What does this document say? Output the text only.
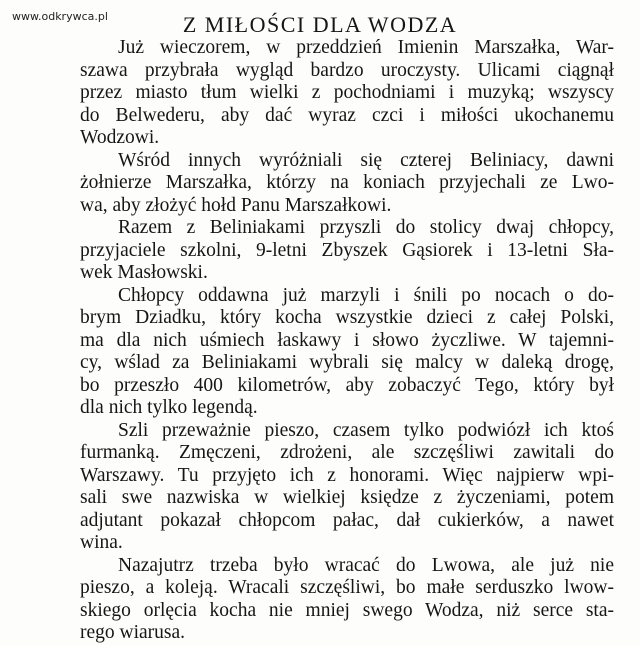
www.odkrywca.pl	Z MIŁOŚCI DLA WODZA
Już wieczorem, w przeddzień Imienin Marszałka, War-
szawa przybrała wygląd bardzo uroczysty. Ulicami ciągnął
przez miasto tłum wielki z pochodniami i muzyką; wszyscy
do Belwederu, aby dać wyraz czci i miłości ukochanemu
Wodzowi.
Wśród innych wyróżniali się czterej Beliniacy, dawni
żołnierze Marszałka, którzy na koniach przyjechali ze Lwo-
wa, aby złożyć hołd Panu Marszałkowi.
Razem z Beliniakami przyszli do stolicy dwaj chłopcy,
przyjaciele szkolni, 9-letni Zbyszek Gąsiorek i 13-letni Sła-
wek Masłowski.
Chłopcy oddawna już marzyli i śnili po nocach o do-
brym Dziadku, który kocha wszystkie dzieci z całej Polski,
ma dla nich uśmiech łaskawy i słowo życzliwe. W tajemni-
cy, wślad za Beliniakami wybrali się malcy w daleką drogę,
bo przeszło 400 kilometrów, aby zobaczyć Tego, który był
dla nich tylko legendą.
Szli przeważnie pieszo, czasem tylko podwiózł ich ktoś
furmanką. Zmęczeni, zdrożeni, ale szczęśliwi zawitali do
Warszawy. Tu przyjęto ich z honorami. Więc najpierw wpi-
sali swe nazwiska w wielkiej księdze z życzeniami, potem
adjutant pokazał chłopcom pałac, dał cukierków, a nawet
wina.
Nazajutrz trzeba było wracać do Lwowa, ale już nie
pieszo, a koleją. Wracali szczęśliwi, bo małe serduszko lwow-
skiego orlęcia kocha nie mniej swego Wodza, niż serce sta-
rego wiarusa.
